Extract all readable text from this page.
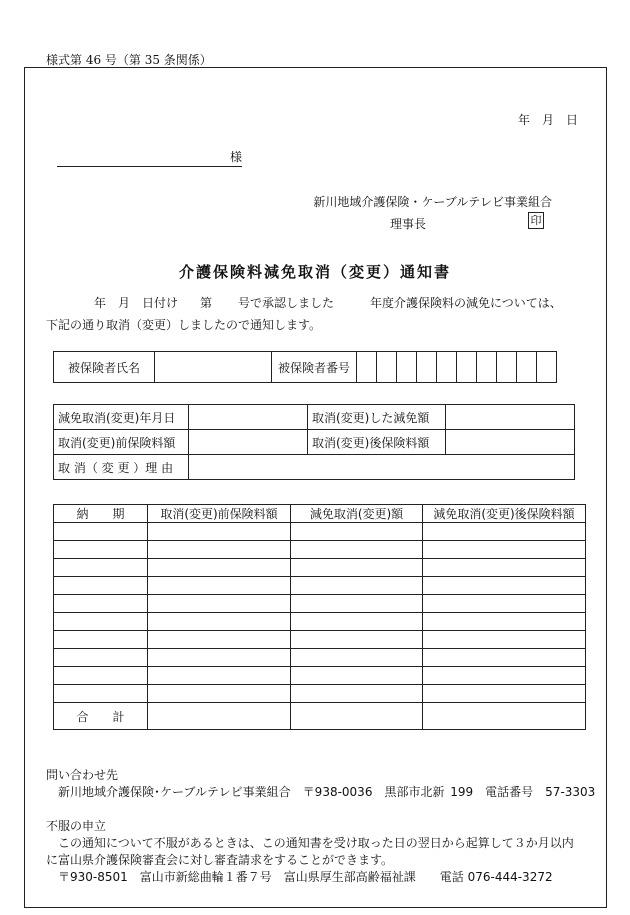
様式第 46 号（第 35 条関係）
年　月　日
様
新川地域介護保険・ケーブルテレビ事業組合
理事長	印
介護保険料減免取消（変更）通知書
年　月　日付け 第 号で承認しました	年度介護保険料の減免については、
下記の通り取消（変更）しましたので通知します。
被保険者氏名		被保険者番号										
減免取消(変更)年月日		取消(変更)した減免額	
取消(変更)前保険料額		取消(変更)後保険料額	
取 消（ 変 更 ）理 由			
納　　期	取消(変更)前保険料額	減免取消(変更)額	減免取消(変更)後保険料額

合　　計			
問い合わせ先
新川地域介護保険･ケーブルテレビ事業組合　〒938-0036　黒部市北新 199　電話番号　57-3303
不服の申立
この通知について不服があるときは、この通知書を受け取った日の翌日から起算して３か月以内
に富山県介護保険審査会に対し審査請求をすることができます。
〒930-8501　富山市新総曲輪１番７号　富山県厚生部高齢福祉課　　電話 076-444-3272
